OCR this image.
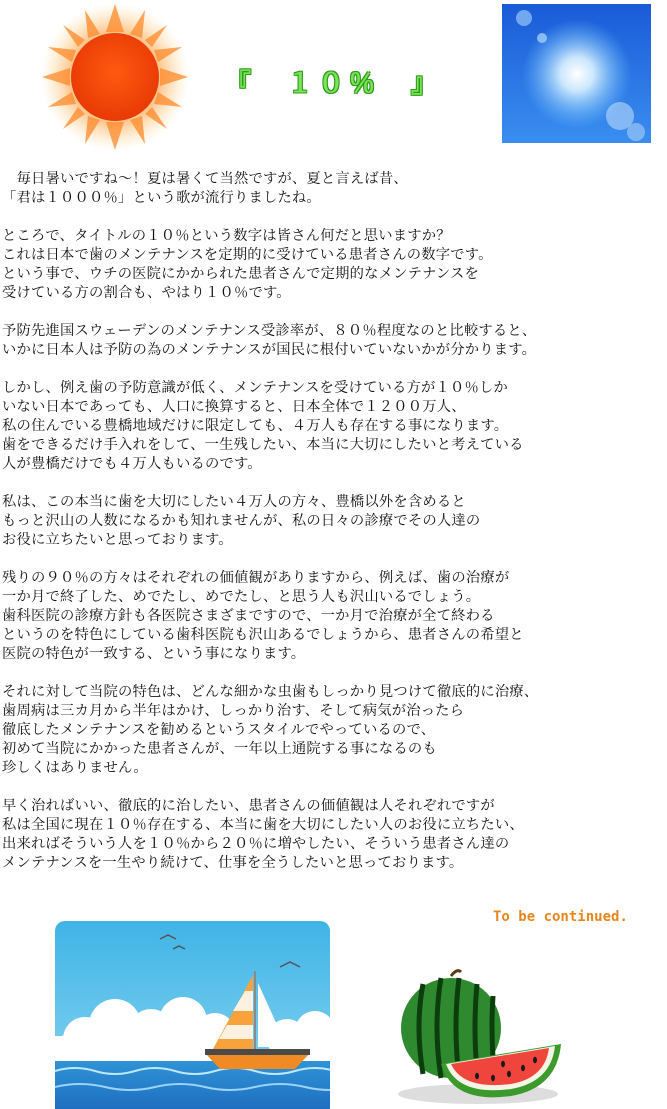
『　１０％　』

　毎日暑いですね～！夏は暑くて当然ですが、夏と言えば昔、
「君は１０００％」という歌が流行りましたね。

ところで、タイトルの１０％という数字は皆さん何だと思いますか？
これは日本で歯のメンテナンスを定期的に受けている患者さんの数字です。
という事で、ウチの医院にかかられた患者さんで定期的なメンテナンスを
受けている方の割合も、やはり１０％です。

予防先進国スウェーデンのメンテナンス受診率が、８０％程度なのと比較すると、
いかに日本人は予防の為のメンテナンスが国民に根付いていないかが分かります。

しかし、例え歯の予防意識が低く、メンテナンスを受けている方が１０％しか
いない日本であっても、人口に換算すると、日本全体で１２００万人、
私の住んでいる豊橋地域だけに限定しても、４万人も存在する事になります。
歯をできるだけ手入れをして、一生残したい、本当に大切にしたいと考えている
人が豊橋だけでも４万人もいるのです。

私は、この本当に歯を大切にしたい４万人の方々、豊橋以外を含めると
もっと沢山の人数になるかも知れませんが、私の日々の診療でその人達の
お役に立ちたいと思っております。

残りの９０％の方々はそれぞれの価値観がありますから、例えば、歯の治療が
一か月で終了した、めでたし、めでたし、と思う人も沢山いるでしょう。
歯科医院の診療方針も各医院さまざまですので、一か月で治療が全て終わる
というのを特色にしている歯科医院も沢山あるでしょうから、患者さんの希望と
医院の特色が一致する、という事になります。

それに対して当院の特色は、どんな細かな虫歯もしっかり見つけて徹底的に治療、
歯周病は三カ月から半年はかけ、しっかり治す、そして病気が治ったら
徹底したメンテナンスを勧めるというスタイルでやっているので、
初めて当院にかかった患者さんが、一年以上通院する事になるのも
珍しくはありません。

早く治ればいい、徹底的に治したい、患者さんの価値観は人それぞれですが
私は全国に現在１０％存在する、本当に歯を大切にしたい人のお役に立ちたい、
出来ればそういう人を１０％から２０％に増やしたい、そういう患者さん達の
メンテナンスを一生やり続けて、仕事を全うしたいと思っております。

To be continued.
